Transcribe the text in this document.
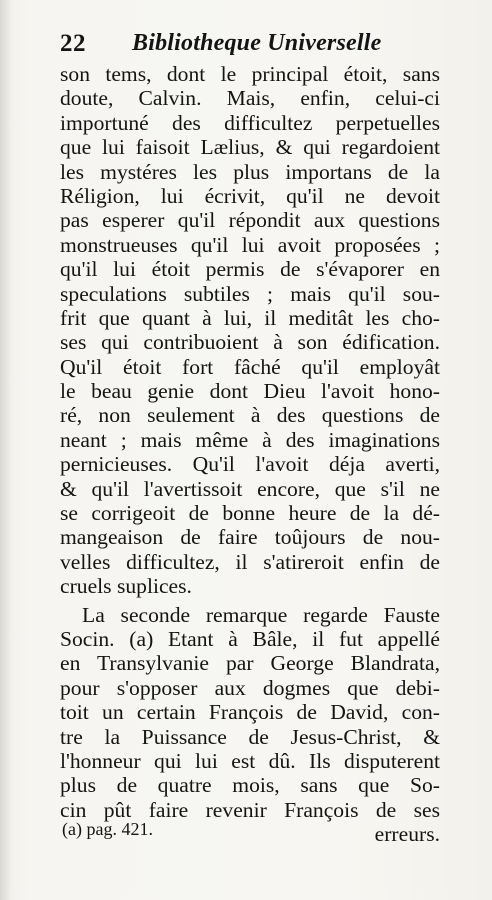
22 Bibliotheque Universelle
son tems, dont le principal étoit, sans
doute, Calvin. Mais, enfin, celui-ci
importuné des difficultez perpetuelles
que lui faisoit Lælius, & qui regardoient
les mystéres les plus importans de la
Réligion, lui écrivit, qu'il ne devoit
pas esperer qu'il répondit aux questions
monstrueuses qu'il lui avoit proposées ;
qu'il lui étoit permis de s'évaporer en
speculations subtiles ; mais qu'il sou-
frit que quant à lui, il meditât les cho-
ses qui contribuoient à son édification.
Qu'il étoit fort fâché qu'il employât
le beau genie dont Dieu l'avoit hono-
ré, non seulement à des questions de
neant ; mais même à des imaginations
pernicieuses. Qu'il l'avoit déja averti,
& qu'il l'avertissoit encore, que s'il ne
se corrigeoit de bonne heure de la dé-
mangeaison de faire toûjours de nou-
velles difficultez, il s'atireroit enfin de
cruels suplices.
La seconde remarque regarde Fauste
Socin. (a) Etant à Bâle, il fut appellé
en Transylvanie par George Blandrata,
pour s'opposer aux dogmes que debi-
toit un certain François de David, con-
tre la Puissance de Jesus-Christ, &
l'honneur qui lui est dû. Ils disputerent
plus de quatre mois, sans que So-
cin pût faire revenir François de ses
erreurs.
(a) pag. 421.
